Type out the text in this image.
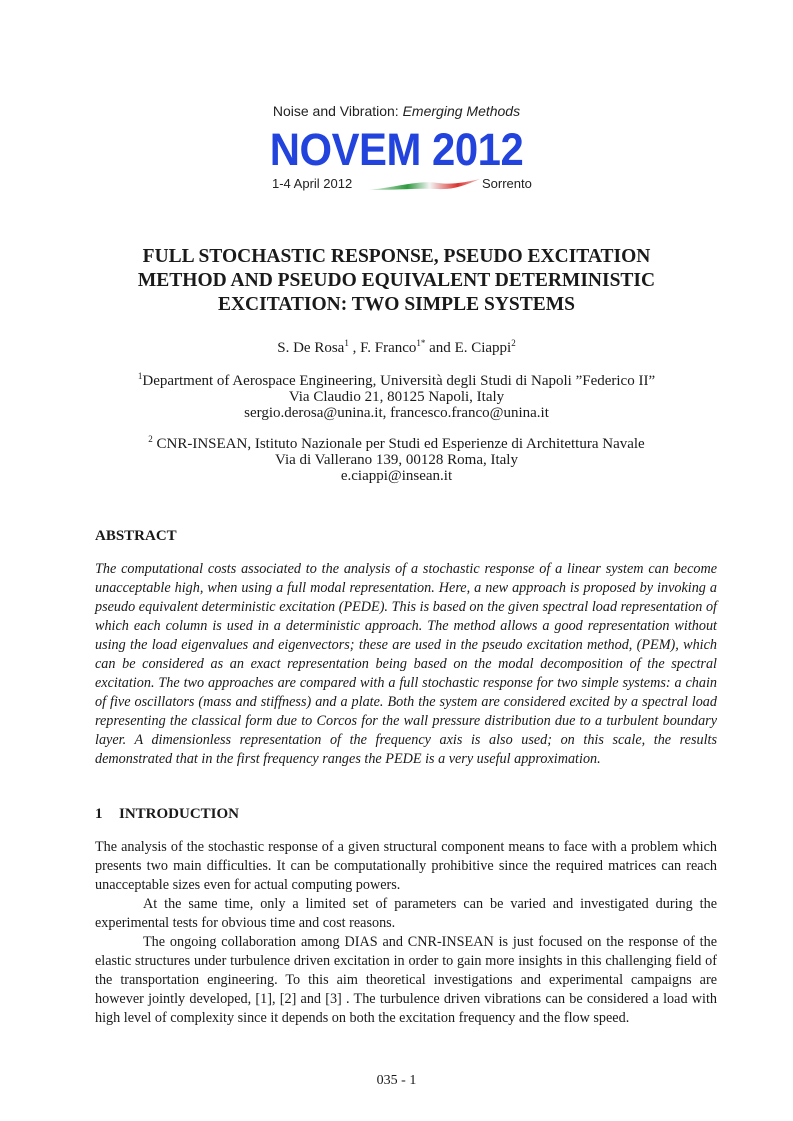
Noise and Vibration: Emerging Methods
NOVEM 2012
1-4 April 2012	Sorrento
FULL STOCHASTIC RESPONSE, PSEUDO EXCITATION
METHOD AND PSEUDO EQUIVALENT DETERMINISTIC
EXCITATION: TWO SIMPLE SYSTEMS
S. De Rosa$^1$ , F. Franco$^{1*}$ and E. Ciappi$^2$
$^1$Department of Aerospace Engineering, Università degli Studi di Napoli ”Federico II”
Via Claudio 21, 80125 Napoli, Italy
sergio.derosa@unina.it, francesco.franco@unina.it
$^2$ CNR-INSEAN, Istituto Nazionale per Studi ed Esperienze di Architettura Navale
Via di Vallerano 139, 00128 Roma, Italy
e.ciappi@insean.it
ABSTRACT
The computational costs associated to the analysis of a stochastic response of a linear system can become unacceptable high, when using a full modal representation. Here, a new approach is proposed by invoking a pseudo equivalent deterministic excitation (PEDE). This is based on the given spectral load representation of which each column is used in a deterministic approach. The method allows a good representation without using the load eigenvalues and eigenvectors; these are used in the pseudo excitation method, (PEM), which can be considered as an exact representation being based on the modal decomposition of the spectral excitation. The two approaches are compared with a full stochastic response for two simple systems: a chain of five oscillators (mass and stiffness) and a plate. Both the system are considered excited by a spectral load representing the classical form due to Corcos for the wall pressure distribution due to a turbulent boundary layer. A dimensionless representation of the frequency axis is also used; on this scale, the results demonstrated that in the first frequency ranges the PEDE is a very useful approximation.
1 INTRODUCTION

The analysis of the stochastic response of a given structural component means to face with a problem which presents two main difficulties. It can be computationally prohibitive since the required matrices can reach unacceptable sizes even for actual computing powers.

At the same time, only a limited set of parameters can be varied and investigated during the experimental tests for obvious time and cost reasons.

The ongoing collaboration among DIAS and CNR-INSEAN is just focused on the response of the elastic structures under turbulence driven excitation in order to gain more insights in this challenging field of the transportation engineering. To this aim theoretical investigations and experimental campaigns are however jointly developed, [1], [2] and [3] . The turbulence driven vibrations can be considered a load with high level of complexity since it depends on both the excitation frequency and the flow speed.

035 - 1
